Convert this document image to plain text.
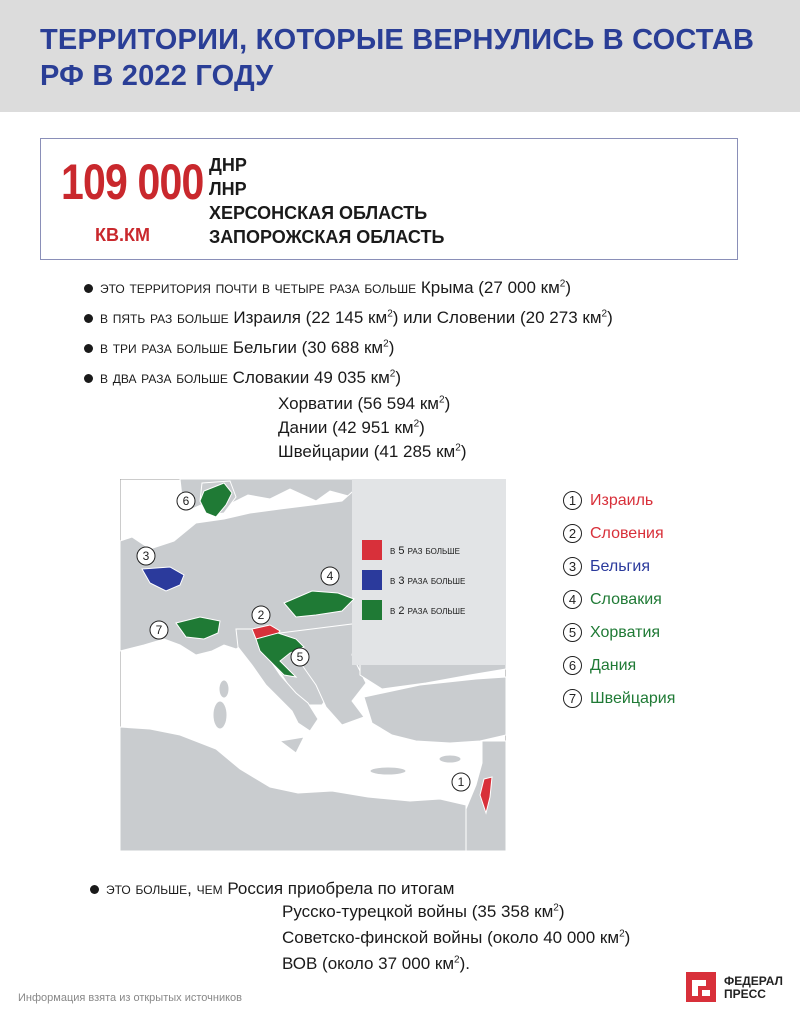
ТЕРРИТОРИИ, КОТОРЫЕ ВЕРНУЛИСЬ В СОСТАВ РФ В 2022 ГОДУ
109 000
КВ.КМ
ДНР
ЛНР
ХЕРСОНСКАЯ ОБЛАСТЬ
ЗАПОРОЖСКАЯ ОБЛАСТЬ
это территория почти в четыре раза больше Крыма (27 000 $км^2$)
в пять раз больше Израиля (22 145 $км^2$) или Словении (20 273 $км^2$)
в три раза больше Бельгии (30 688 $км^2$)
в два раза больше Словакии 49 035 $км^2$)
Хорватии (56 594 $км^2$)
Дании (42 951 $км^2$)
Швейцарии (41 285 $км^2$)
в 5 раз больше
в 3 раза больше
в 2 раза больше
6
3
4
2
7
5
1
1 Израиль
2 Словения
3 Бельгия
4 Словакия
5 Хорватия
6 Дания
7 Швейцария
это больше, чем Россия приобрела по итогам
Русско-турецкой войны (35 358 $км^2$)
Советско-финской войны (около 40 000 $км^2$)
ВОВ (около 37 000 $км^2$).
Информация взята из открытых источников
ФЕДЕРАЛ
ПРЕСС
